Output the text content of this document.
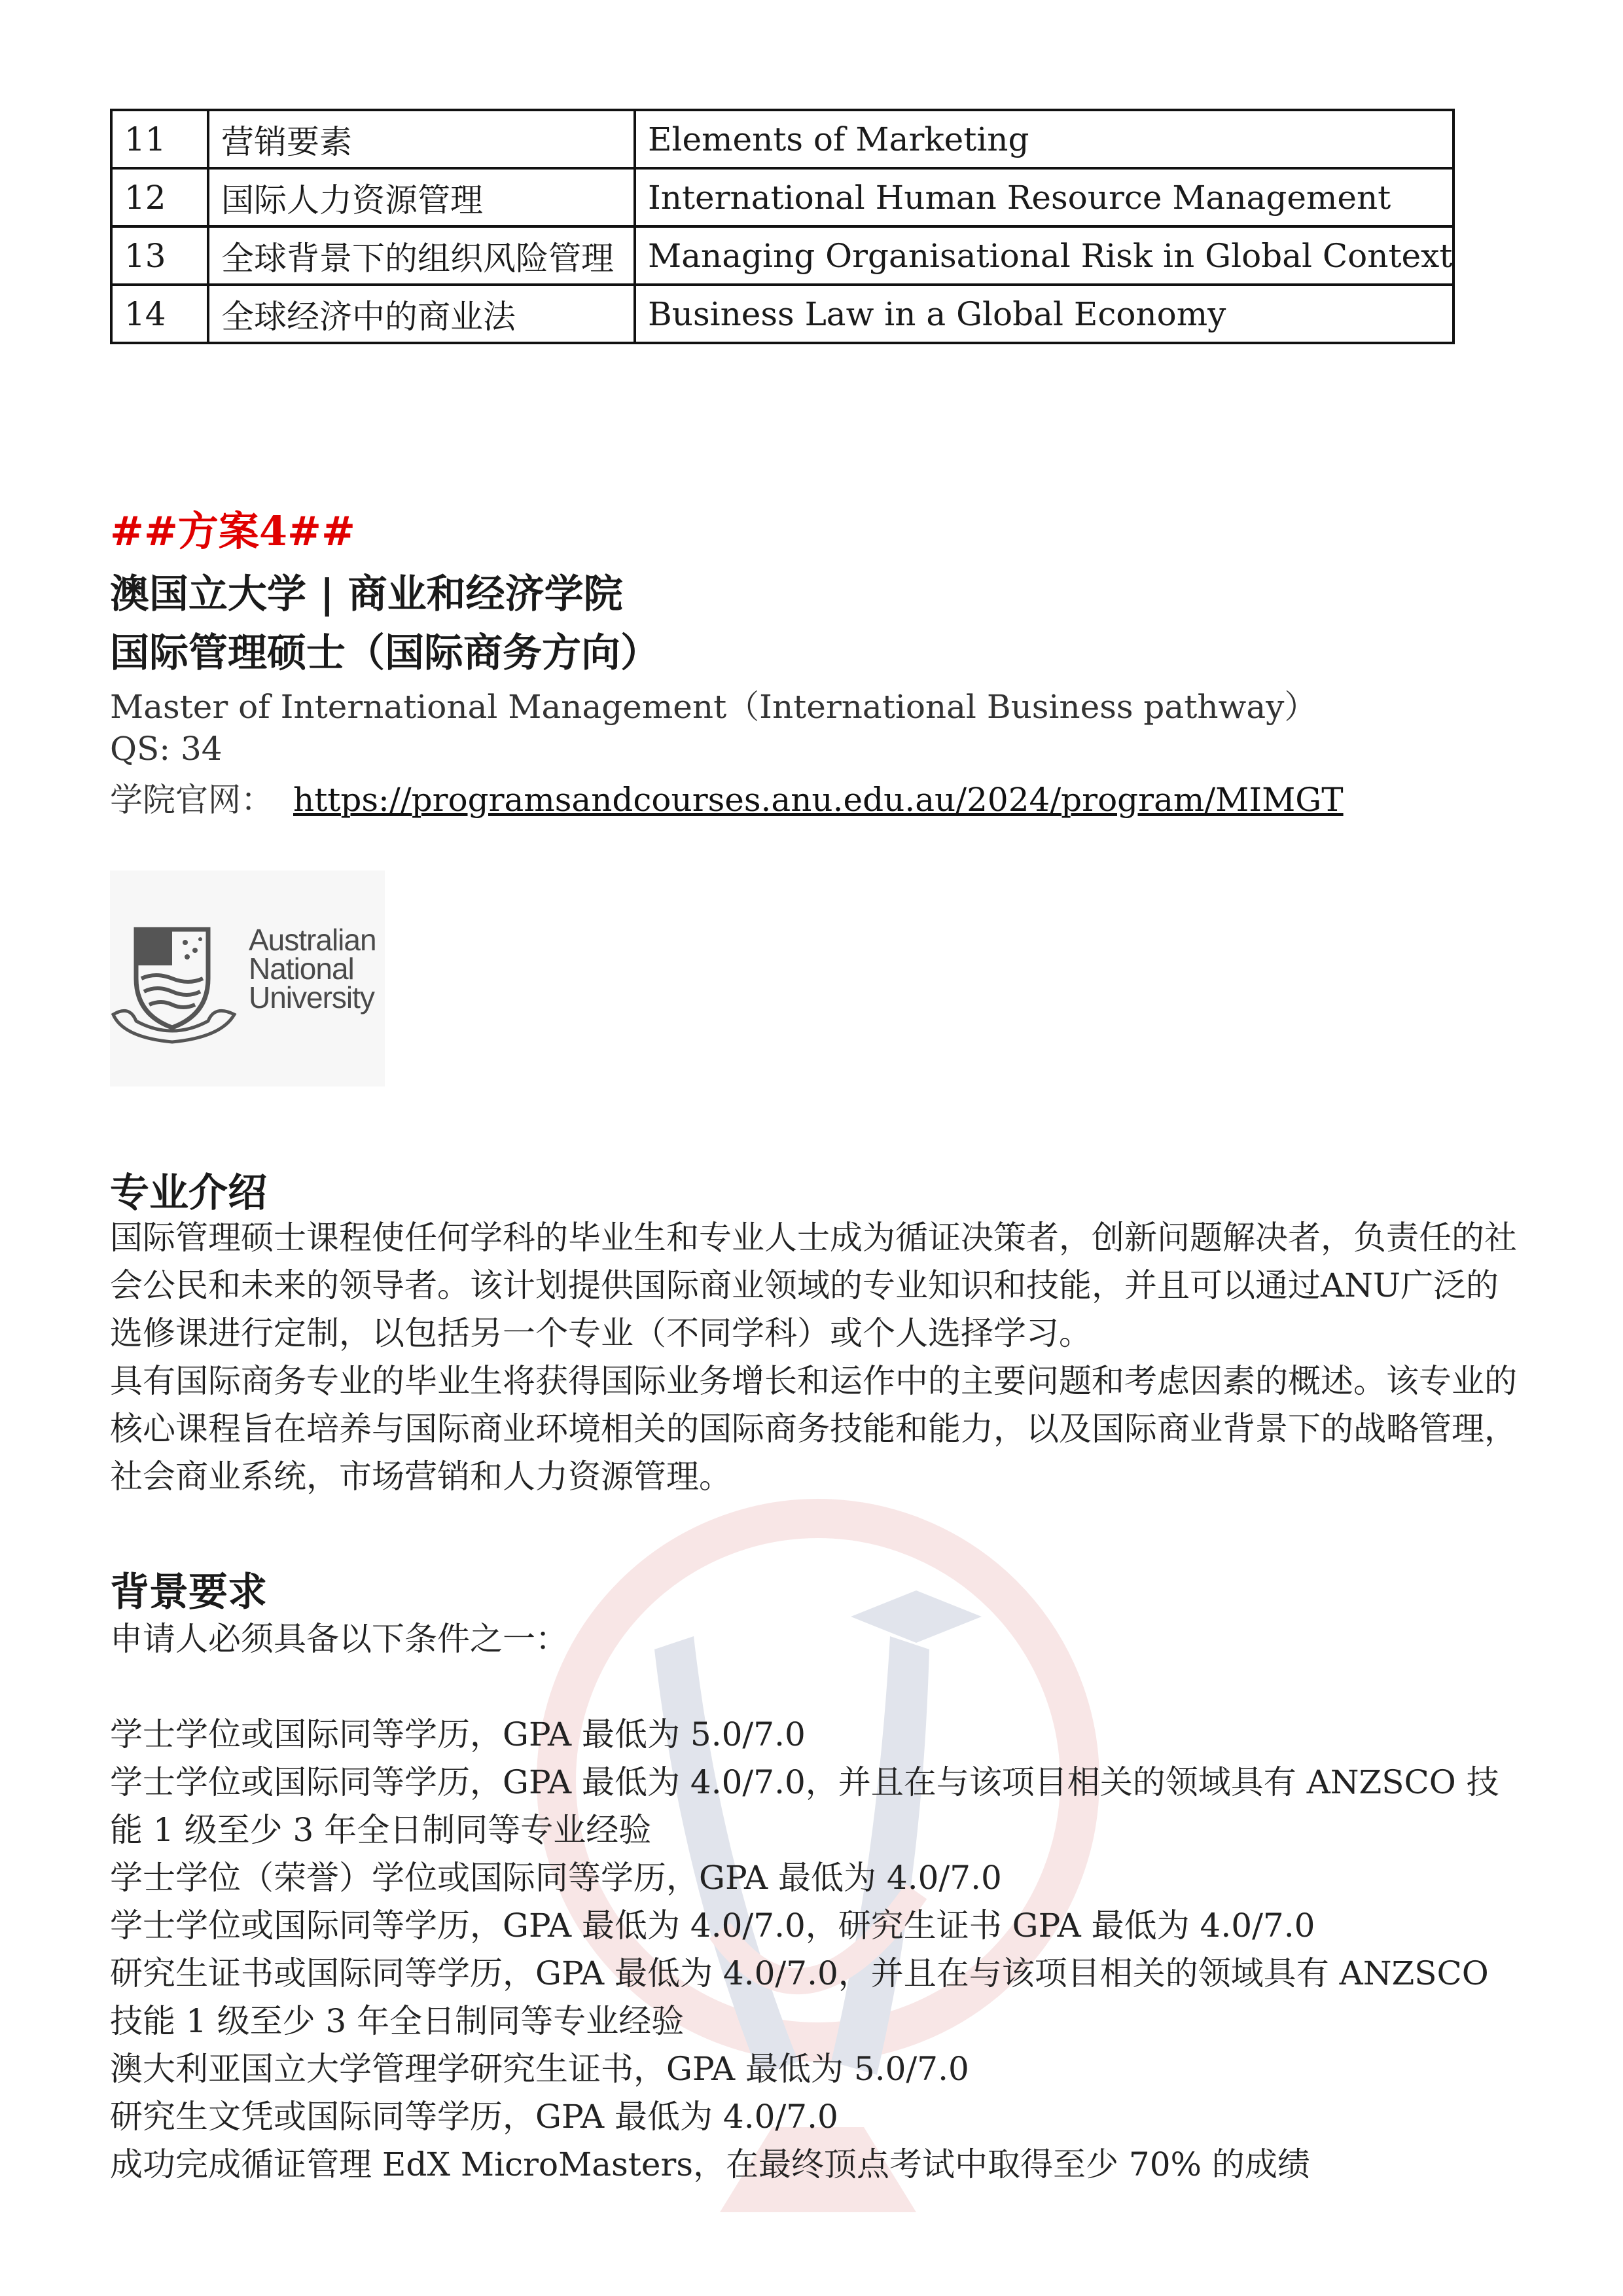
11	营销要素	Elements of Marketing
12	国际人力资源管理	International Human Resource Management
13	全球背景下的组织风险管理	Managing Organisational Risk in Global Context
14	全球经济中的商业法	Business Law in a Global Economy
##方案4##
澳国立大学 | 商业和经济学院
国际管理硕士（国际商务方向）
Master of International Management（International Business pathway）
QS: 34
学院官网： https://programsandcourses.anu.edu.au/2024/program/MIMGT
Australian
National
University
专业介绍

国际管理硕士课程使任何学科的毕业生和专业人士成为循证决策者，创新问题解决者，负责任的社会公民和未来的领导者。该计划提供国际商业领域的专业知识和技能，并且可以通过ANU广泛的选修课进行定制，以包括另一个专业（不同学科）或个人选择学习。

具有国际商务专业的毕业生将获得国际业务增长和运作中的主要问题和考虑因素的概述。该专业的核心课程旨在培养与国际商业环境相关的国际商务技能和能力，以及国际商业背景下的战略管理，社会商业系统，市场营销和人力资源管理。

背景要求

申请人必须具备以下条件之一：

学士学位或国际同等学历，GPA 最低为 5.0/7.0

学士学位或国际同等学历，GPA 最低为 4.0/7.0，并且在与该项目相关的领域具有 ANZSCO 技能 1 级至少 3 年全日制同等专业经验

学士学位（荣誉）学位或国际同等学历，GPA 最低为 4.0/7.0

学士学位或国际同等学历，GPA 最低为 4.0/7.0，研究生证书 GPA 最低为 4.0/7.0

研究生证书或国际同等学历，GPA 最低为 4.0/7.0，并且在与该项目相关的领域具有 ANZSCO 技能 1 级至少 3 年全日制同等专业经验

澳大利亚国立大学管理学研究生证书，GPA 最低为 5.0/7.0

研究生文凭或国际同等学历，GPA 最低为 4.0/7.0

成功完成循证管理 EdX MicroMasters，在最终顶点考试中取得至少 70% 的成绩
